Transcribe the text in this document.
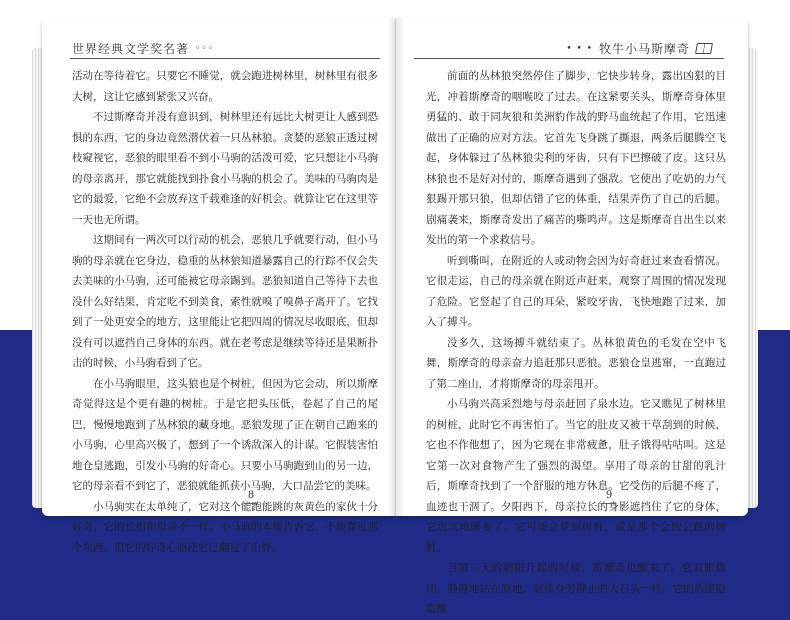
世界经典文学奖名著 ◦◦◦

活动在等待着它。只要它不睡觉，就会跑进树林里，树林里有很多大树，这让它感到紧张又兴奋。

不过斯摩奇并没有意识到，树林里还有远比大树更让人感到恐惧的东西，它的身边竟然潜伏着一只丛林狼。贪婪的恶狼正透过树枝窥视它，恶狼的眼里看不到小马驹的活泼可爱，它只想让小马驹的母亲离开，那它就能找到扑食小马驹的机会了。美味的马驹肉是它的最爱，它绝不会放弃这千载难逢的好机会。就算让它在这里等一天也无所谓。

这期间有一两次可以行动的机会，恶狼几乎就要行动，但小马驹的母亲就在它身边，稳重的丛林狼知道暴露自己的行踪不仅会失去美味的小马驹，还可能被它母亲踢到。恶狼知道自己等待下去也没什么好结果，肯定吃不到美食，索性就嗅了嗅鼻子离开了。它找到了一处更安全的地方，这里能让它把四周的情况尽收眼底，但却没有可以遮挡自己身体的东西。就在老考虑是继续等待还是果断扑击的时候，小马驹看到了它。

在小马驹眼里，这头狼也是个树桩，但因为它会动，所以斯摩奇觉得这是个更有趣的树桩。于是它把头压低，卷起了自己的尾巴，慢慢地跑到了丛林狼的藏身地。恶狼发现了正在朝自己跑来的小马驹，心里高兴极了，想到了一个诱敌深入的计谋。它假装害怕地仓皇逃跑，引发小马驹的好奇心。只要小马驹跑到山的另一边，它的母亲看不到它了，恶狼就能抓获小马驹，大口品尝它的美味。

小马驹实在太单纯了，它对这个能跑能跳的灰黄色的家伙十分好奇，它的长相和母亲不一样。小马驹的本能告诉它，不能靠近那个东西。但它的好奇心驱使它已翻过了山脊。

8
• • • 牧牛小马斯摩奇

前面的丛林狼突然停住了脚步，它快步转身，露出凶狠的目光，冲着斯摩奇的咽喉咬了过去。在这紧要关头，斯摩奇身体里勇猛的、敢于同灰狼和美洲豹作战的野马血统起了作用，它迅速做出了正确的应对方法。它首先飞身跳了撕退，两条后腿腾空飞起，身体躲过了丛林狼尖利的牙齿，只有下巴擦破了皮。这只丛林狼也不是好对付的，斯摩奇遇到了强敌。它使出了吃奶的力气狠踢开那只狼，但却估错了它的体重，结果弄伤了自己的后腿。剧痛袭来，斯摩奇发出了痛苦的嘶鸣声。这是斯摩奇自出生以来发出的第一个求救信号。

听到嘶叫，在附近的人或动物会因为好奇赶过来查看情况。它很走运，自己的母亲就在附近声赶来，观察了周围的情况发现了危险。它竖起了自己的耳朵，紧咬牙齿，飞快地跑了过来，加入了搏斗。

没多久，这场搏斗就结束了。丛林狼黄色的毛发在空中飞舞，斯摩奇的母亲奋力追赶那只恶狼。恶狼仓皇逃窜，一直跑过了第二座山，才将斯摩奇的母亲甩开。

小马驹兴高采烈地与母亲赶回了泉水边。它又瞧见了树林里的树桩，此时它不再害怕了。当它的肚皮又被干草刮到的时候，它也不作他想了，因为它现在非常疲惫，肚子饿得咕咕叫。这是它第一次对食物产生了强烈的渴望。享用了母亲的甘甜的乳汁后，斯摩奇找到了一个舒服的地方休息。它受伤的后腿不疼了，血迹也干涸了。夕阳西下，母亲拉长的身影遮挡住了它的身体，它沉沉地睡着了。它可能会梦到树桩，或是那个会跑会跳的树桩。

当第二天的朝阳升起的时候，斯摩奇也醒来了。它双眼微闭，静静地站在原地，就像身旁静止的大石头一样。它的后腿隐隐酸

9
